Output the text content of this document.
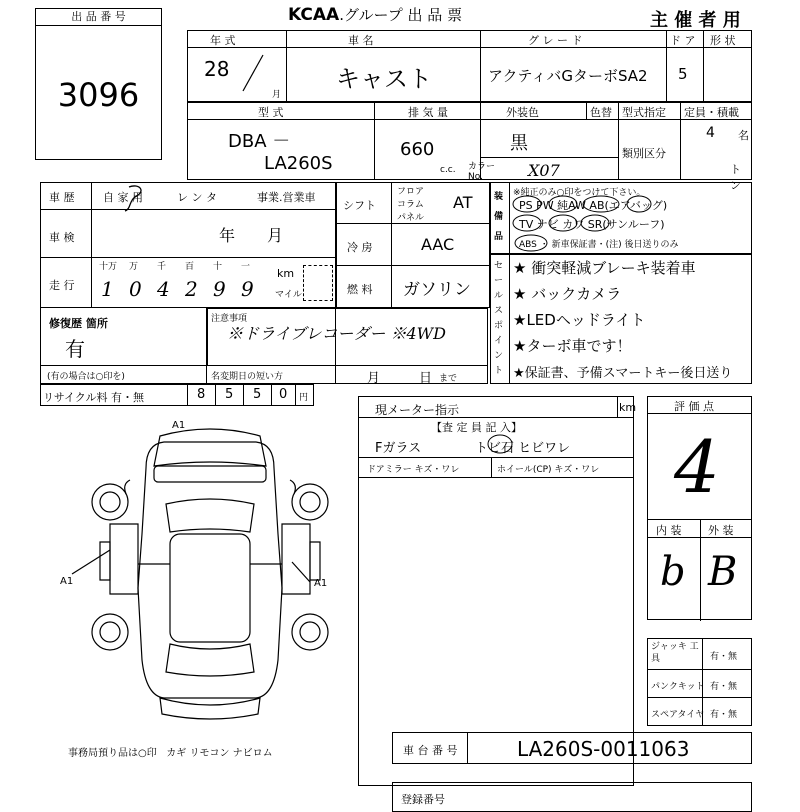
出 品 番 号
3096
KCAA.グループ 出 品 票	主 催 者 用
年 式
28
月
車 名
キャスト
グ レ ー ド
アクティバGターボSA2
ド ア
5
形 状
型 式
DBA －
LA260S
排 気 量
660
c.c.
外装色	色替
黒
カラー No.	X07
型式指定
類別区分
定員・積載
4 名
トン
車 歴	自 家 用	レ ン タ	事業.営業車
車 検	年 月
走 行
十万 万 千 百 十 一
1 0 4 2 9 9
km
マイル
修復歴 箇所
有
(有の場合は○印を)
注意事項
※ドライブレコーダー ※4WD
名変期日の短い方	月	日 まで
リサイクル料 有・無	8 5 5 0 円
シフト
フロア
コラム
パネル
AT
冷 房	AAC
燃 料 ガソリン
装 備 品
※純正のみ○印をつけて下さい。
PS PW 純AW AB(エアバッグ)
TV ナビ カワ SR(サンルーフ)
ABS ・ 新車保証書・(注) 後日送りのみ
セールスポイント
★ 衝突軽減ブレーキ装着車
★ バックカメラ
★LEDヘッドライト
★ターボ車です！
★保証書、予備スマートキー後日送り
A1
A1	A1
現メーター指示	km
【査 定 員 記 入】
Fガラス	トビ石 ヒビワレ
ドアミラー キズ・ワレ	ホイール(CP) キズ・ワレ
評 価 点
4
内 装 外 装
b B
ジャッキ 工 具	有・無
パンクキット 有・無
スペアタイヤ 有・無
事務局預り品は○印 カギ リモコン ナビロム	車 台 番 号	LA260S-0011063
登録番号
